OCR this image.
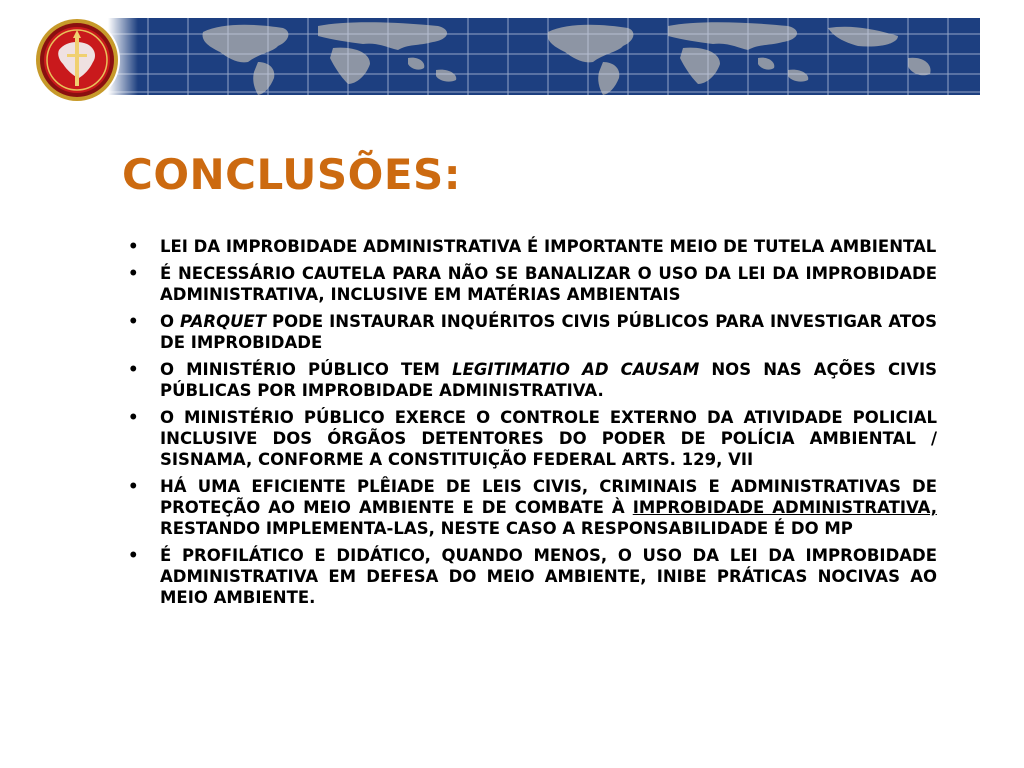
CONCLUSÕES:
• LEI DA IMPROBIDADE ADMINISTRATIVA É IMPORTANTE MEIO DE TUTELA AMBIENTAL
• É NECESSÁRIO CAUTELA PARA NÃO SE BANALIZAR O USO DA LEI DA IMPROBIDADE ADMINISTRATIVA, INCLUSIVE EM MATÉRIAS AMBIENTAIS
• O PARQUET PODE INSTAURAR INQUÉRITOS CIVIS PÚBLICOS PARA INVESTIGAR ATOS DE IMPROBIDADE
• O MINISTÉRIO PÚBLICO TEM LEGITIMATIO AD CAUSAM NOS NAS AÇÕES CIVIS PÚBLICAS POR IMPROBIDADE ADMINISTRATIVA.
• O MINISTÉRIO PÚBLICO EXERCE O CONTROLE EXTERNO DA ATIVIDADE POLICIAL INCLUSIVE DOS ÓRGÃOS DETENTORES DO PODER DE POLÍCIA AMBIENTAL / SISNAMA, CONFORME A CONSTITUIÇÃO FEDERAL ARTS. 129, VII
• HÁ UMA EFICIENTE PLÊIADE DE LEIS CIVIS, CRIMINAIS E ADMINISTRATIVAS DE PROTEÇÃO AO MEIO AMBIENTE E DE COMBATE À IMPROBIDADE ADMINISTRATIVA, RESTANDO IMPLEMENTA-LAS, NESTE CASO A RESPONSABILIDADE É DO MP
• É PROFILÁTICO E DIDÁTICO, QUANDO MENOS, O USO DA LEI DA IMPROBIDADE ADMINISTRATIVA EM DEFESA DO MEIO AMBIENTE, INIBE PRÁTICAS NOCIVAS AO MEIO AMBIENTE.
